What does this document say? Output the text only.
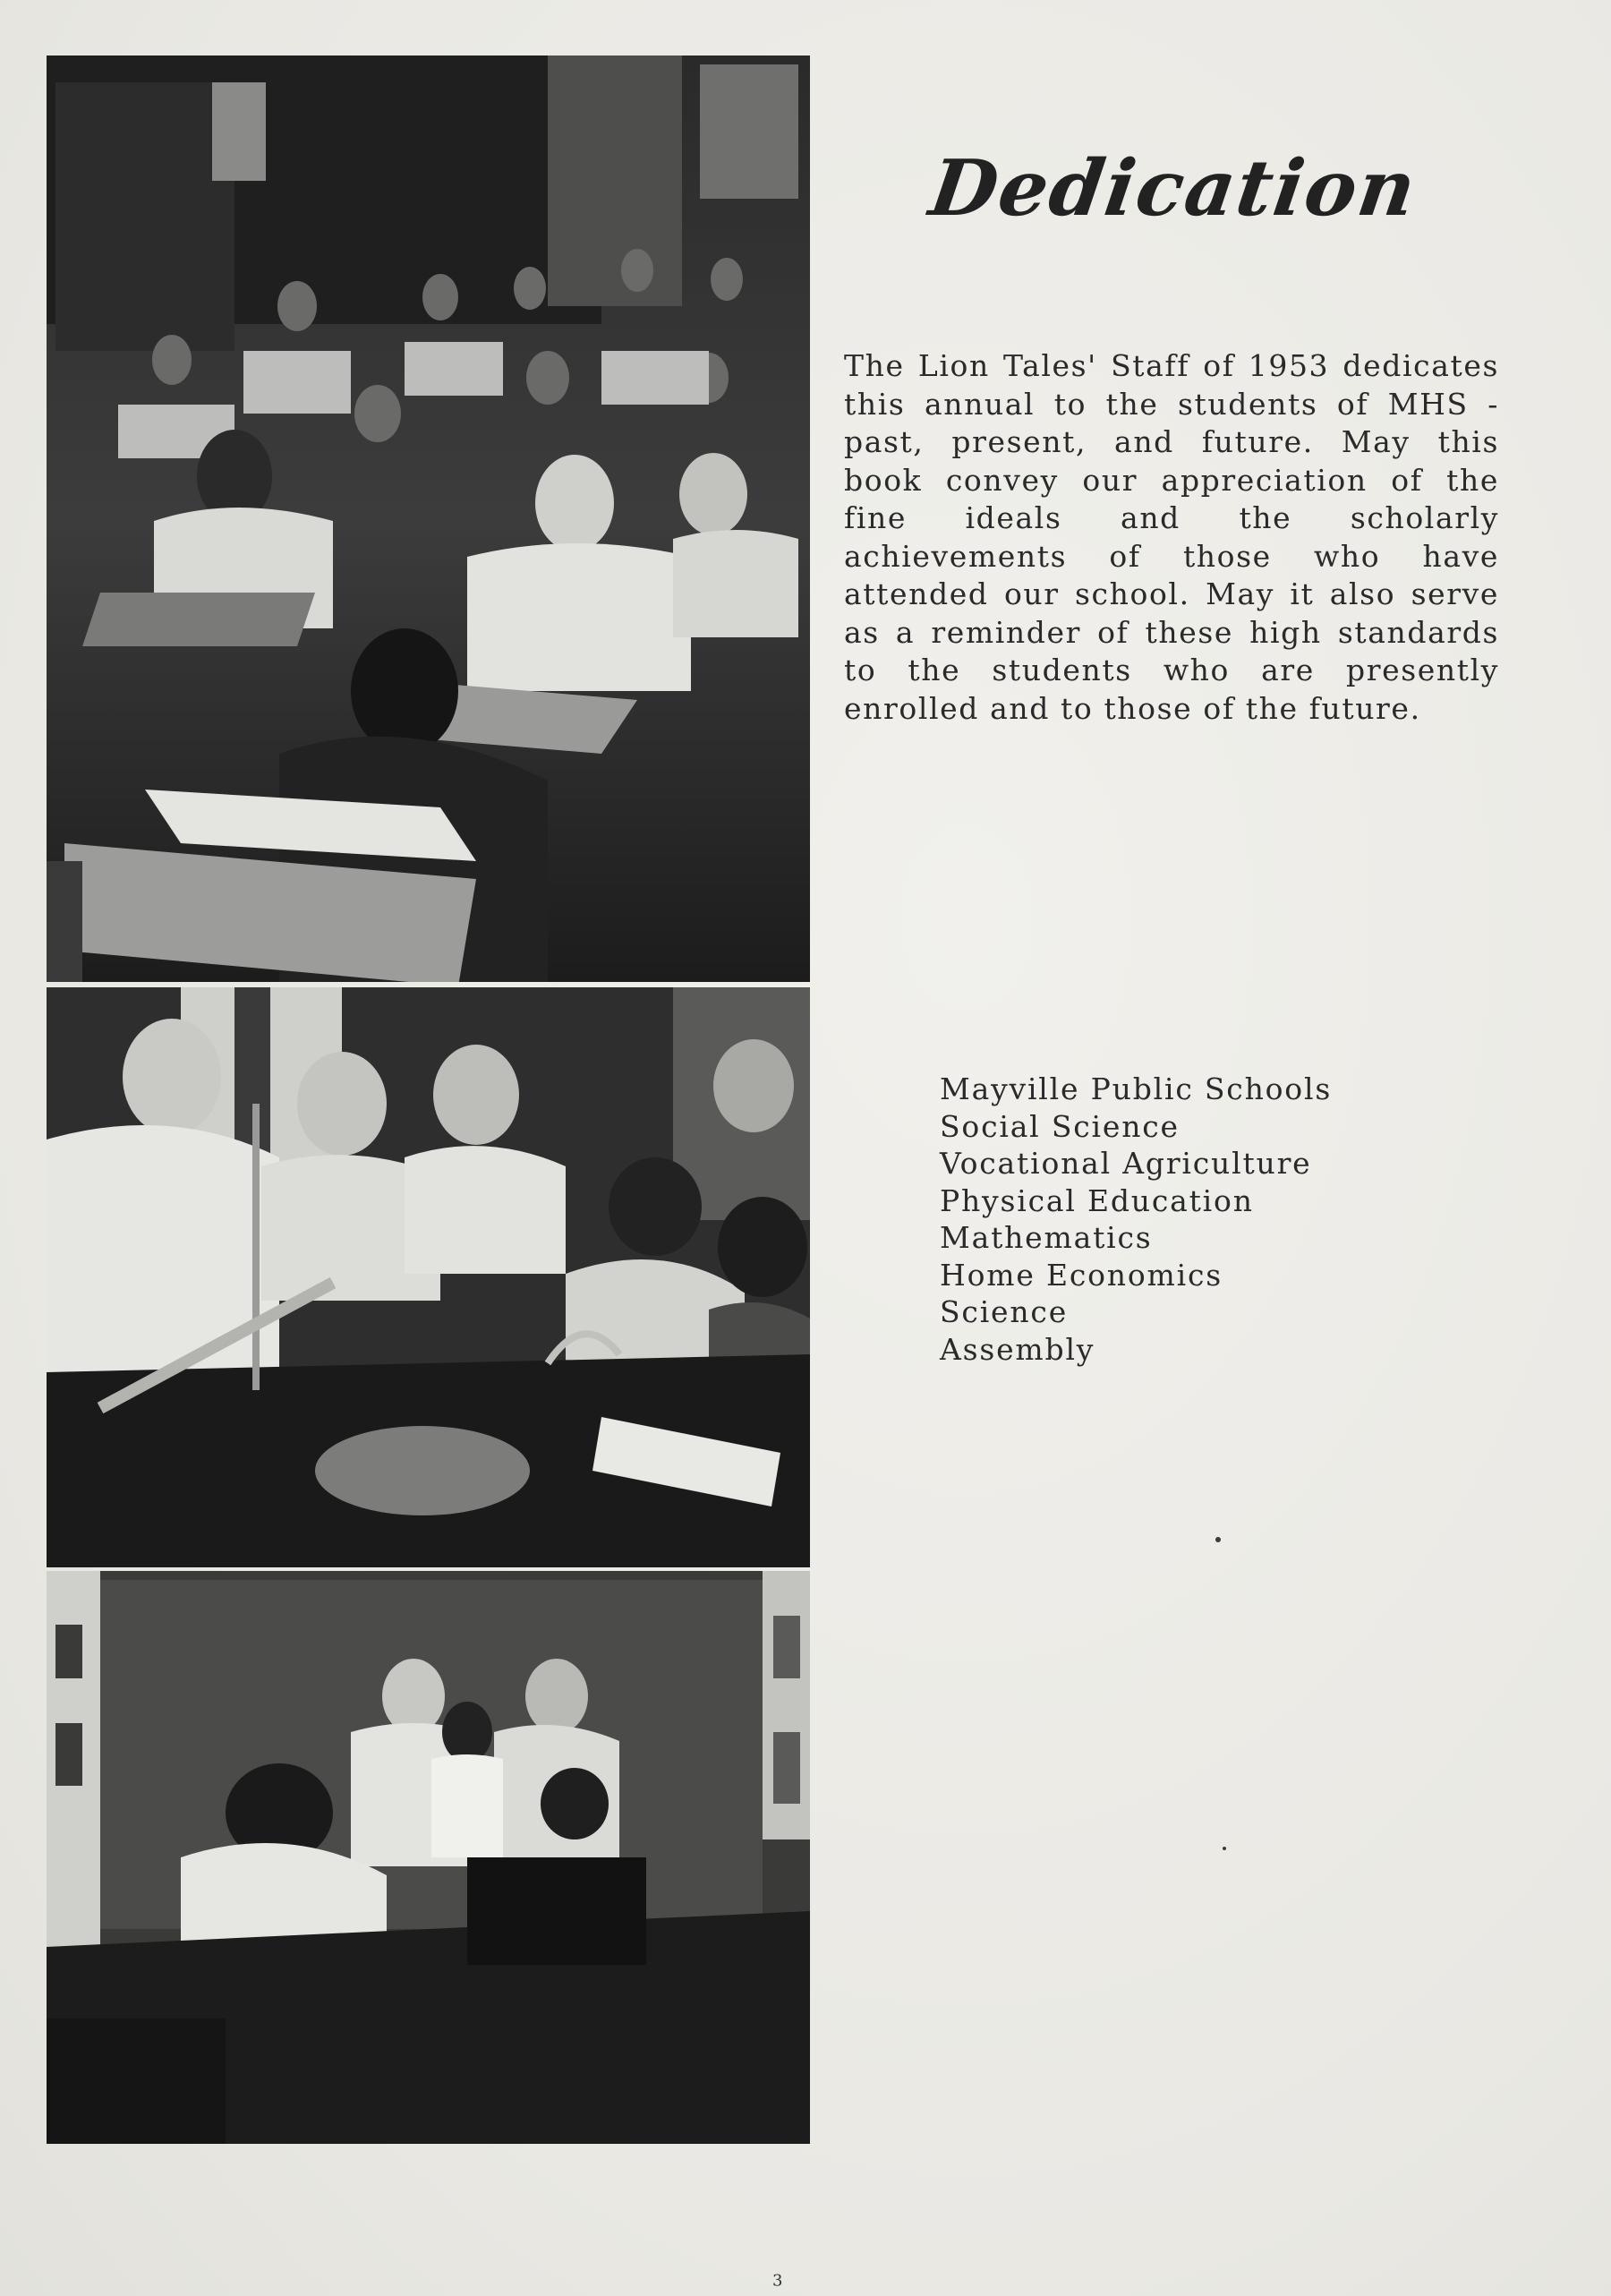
Dedication

The Lion Tales' Staff of 1953 dedicates this annual to the students of MHS - past, present, and future. May this book convey our appreciation of the fine ideals and the scholarly achievements of those who have attended our school. May it also serve as a reminder of these high standards to the students who are presently enrolled and to those of the future.

Mayville Public Schools
Social Science
Vocational Agriculture
Physical Education
Mathematics
Home Economics
Science
Assembly
3
